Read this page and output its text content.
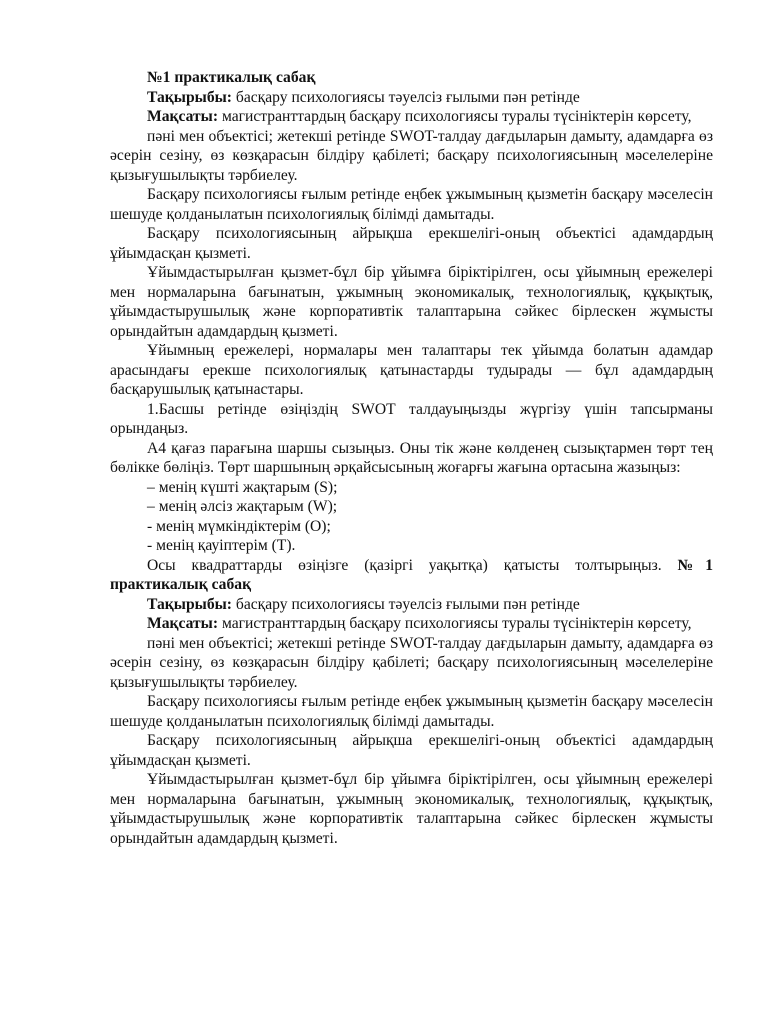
№1 практикалық сабақ

Тақырыбы: басқару психологиясы тәуелсіз ғылыми пән ретінде

Мақсаты: магистранттардың басқару психологиясы туралы түсініктерін көрсету,

пәні мен объектісі; жетекші ретінде SWOT-талдау дағдыларын дамыту, адамдарға өз әсерін сезіну, өз көзқарасын білдіру қабілеті; басқару психологиясының мәселелеріне қызығушылықты тәрбиелеу.

Басқару психологиясы ғылым ретінде еңбек ұжымының қызметін басқару мәселесін шешуде қолданылатын психологиялық білімді дамытады.

Басқару психологиясының айрықша ерекшелігі-оның объектісі адамдардың ұйымдасқан қызметі.

Ұйымдастырылған қызмет-бұл бір ұйымға біріктірілген, осы ұйымның ережелері мен нормаларына бағынатын, ұжымның экономикалық, технологиялық, құқықтық, ұйымдастырушылық және корпоративтік талаптарына сәйкес бірлескен жұмысты орындайтын адамдардың қызметі.

Ұйымның ережелері, нормалары мен талаптары тек ұйымда болатын адамдар арасындағы ерекше психологиялық қатынастарды тудырады — бұл адамдардың басқарушылық қатынастары.

1.Басшы ретінде өзіңіздің SWOT талдауыңызды жүргізу үшін тапсырманы орындаңыз.

А4 қағаз парағына шаршы сызыңыз. Оны тік және көлденең сызықтармен төрт тең бөлікке бөліңіз. Төрт шаршының әрқайсысының жоғарғы жағына ортасына жазыңыз:

– менің күшті жақтарым (S);

– менің әлсіз жақтарым (W);

- менің мүмкіндіктерім (O);

- менің қауіптерім (T).

Осы квадраттарды өзіңізге (қазіргі уақытқа) қатысты толтырыңыз. №1 практикалық сабақ

Тақырыбы: басқару психологиясы тәуелсіз ғылыми пән ретінде

Мақсаты: магистранттардың басқару психологиясы туралы түсініктерін көрсету,

пәні мен объектісі; жетекші ретінде SWOT-талдау дағдыларын дамыту, адамдарға өз әсерін сезіну, өз көзқарасын білдіру қабілеті; басқару психологиясының мәселелеріне қызығушылықты тәрбиелеу.

Басқару психологиясы ғылым ретінде еңбек ұжымының қызметін басқару мәселесін шешуде қолданылатын психологиялық білімді дамытады.

Басқару психологиясының айрықша ерекшелігі-оның объектісі адамдардың ұйымдасқан қызметі.

Ұйымдастырылған қызмет-бұл бір ұйымға біріктірілген, осы ұйымның ережелері мен нормаларына бағынатын, ұжымның экономикалық, технологиялық, құқықтық, ұйымдастырушылық және корпоративтік талаптарына сәйкес бірлескен жұмысты орындайтын адамдардың қызметі.
